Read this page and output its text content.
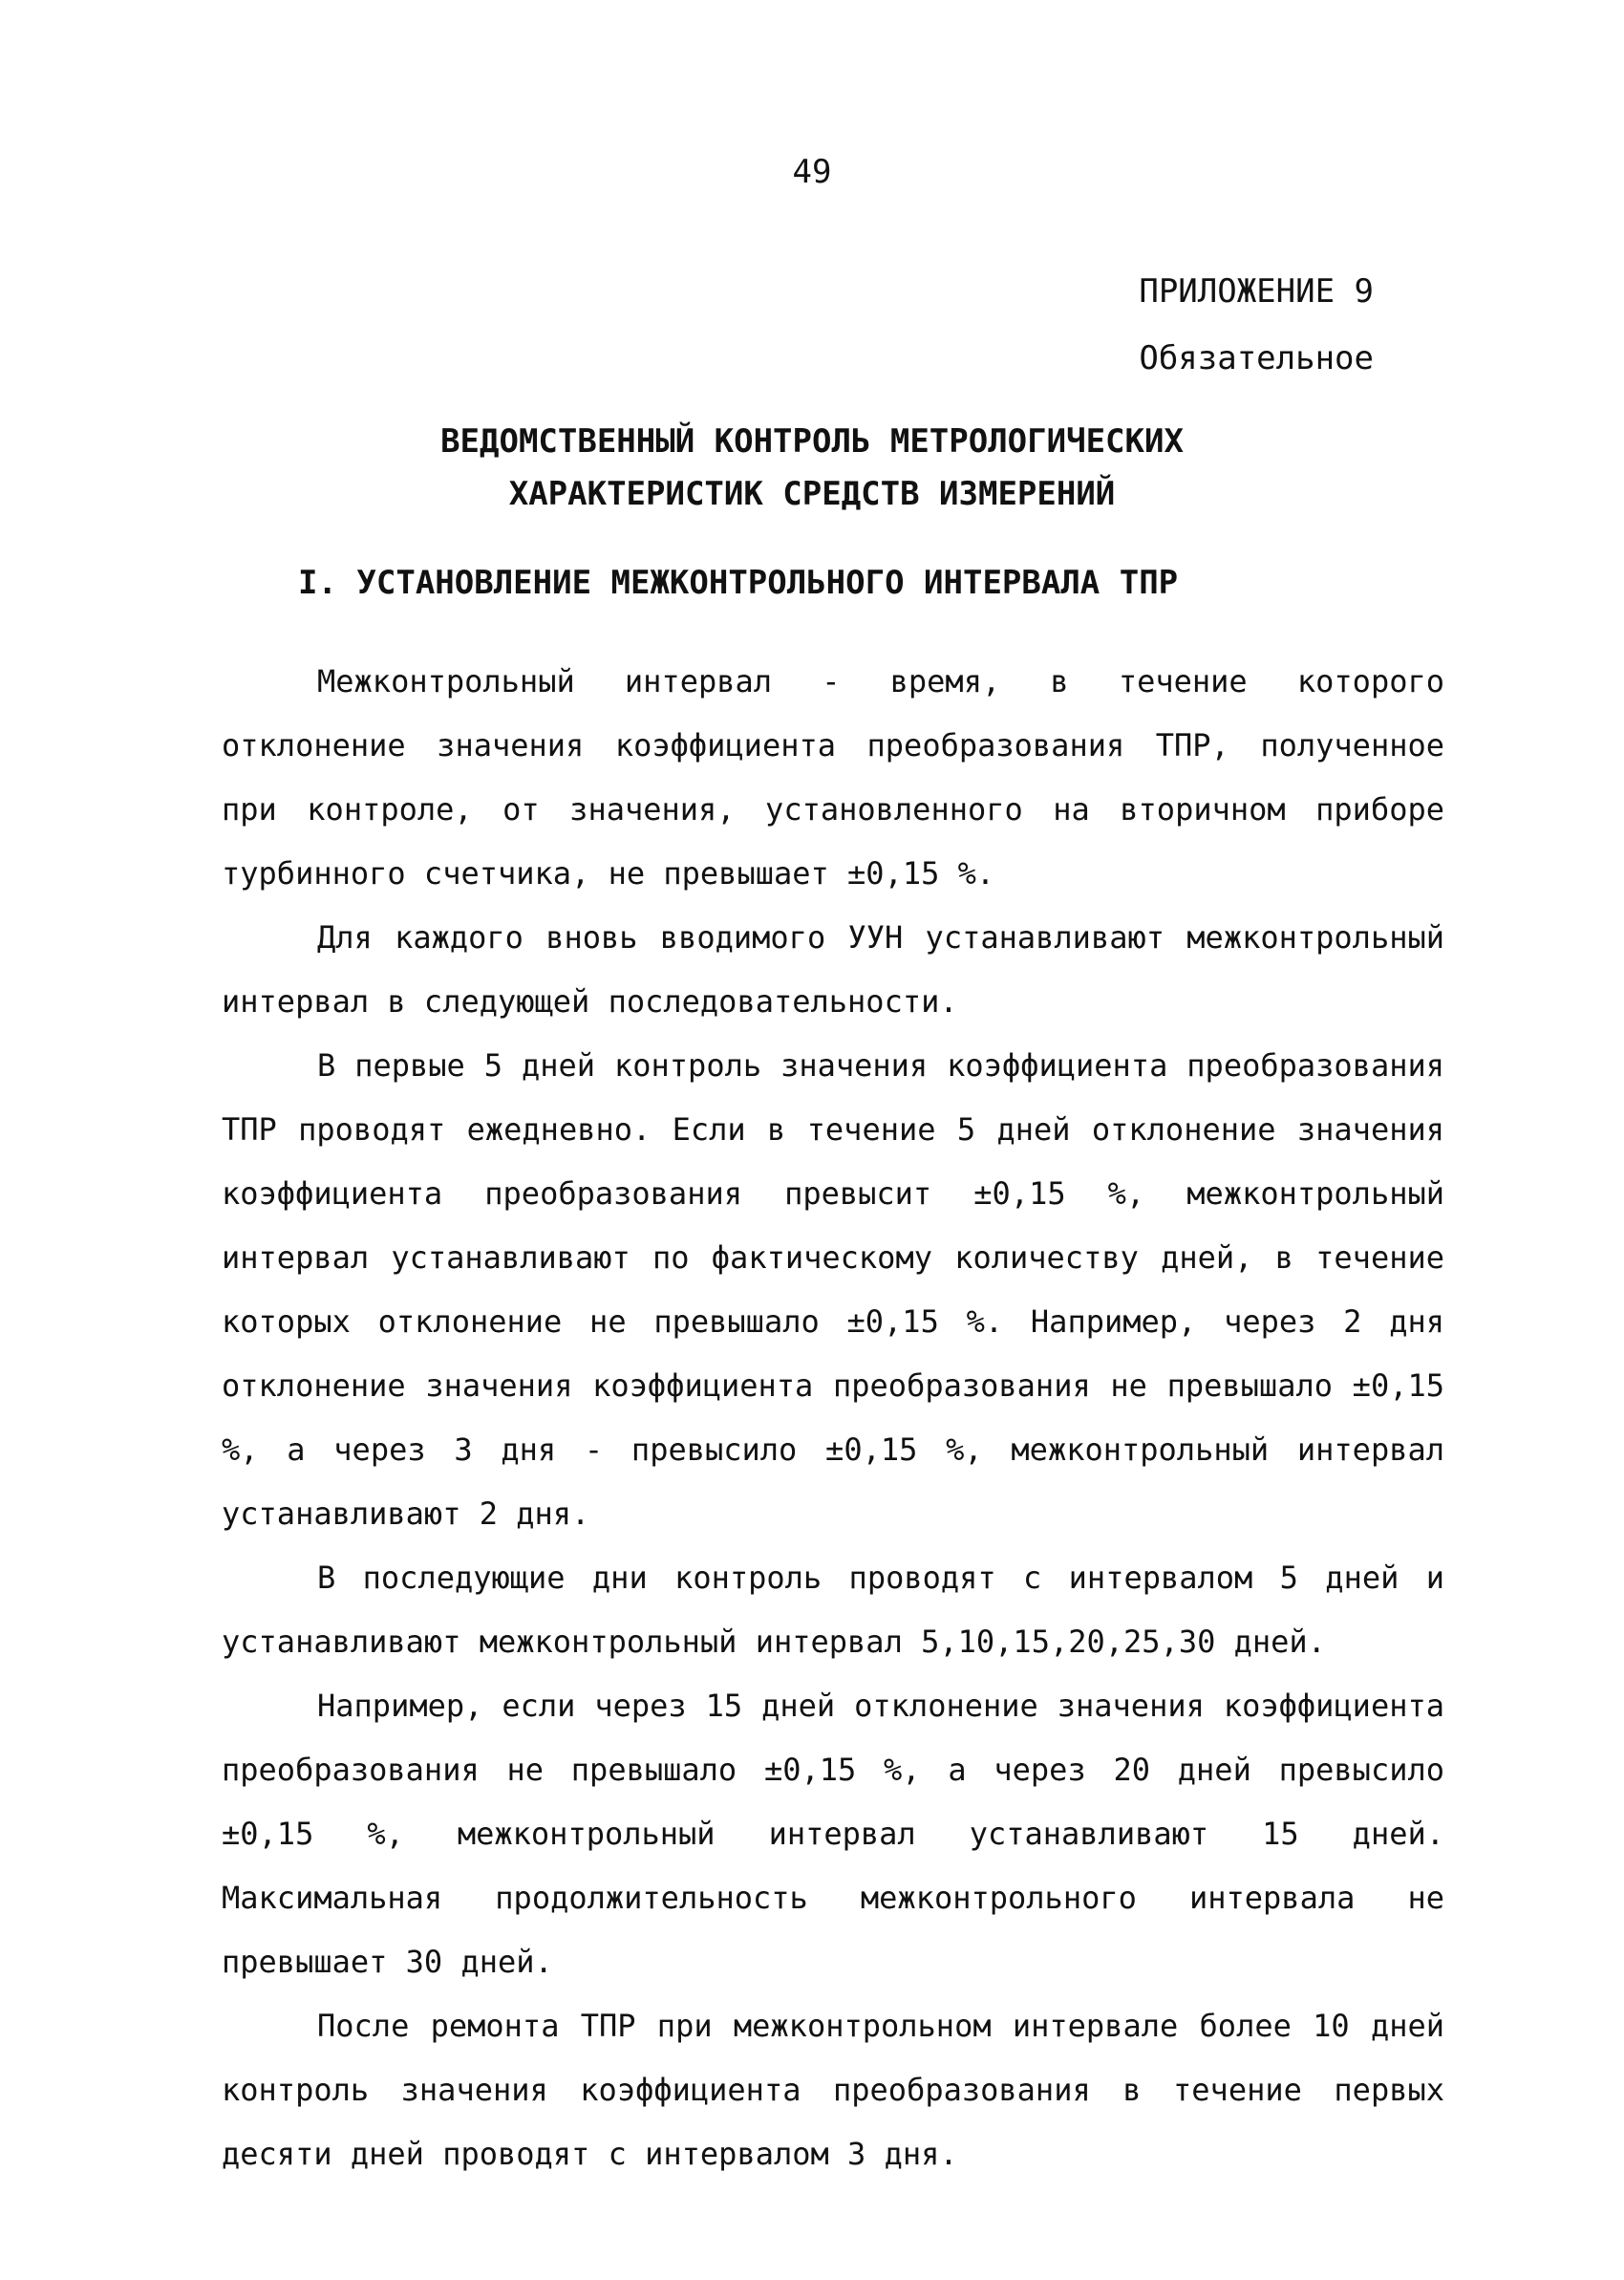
49
ПРИЛОЖЕНИЕ 9
Обязательное
ВЕДОМСТВЕННЫЙ КОНТРОЛЬ МЕТРОЛОГИЧЕСКИХ
ХАРАКТЕРИСТИК СРЕДСТВ ИЗМЕРЕНИЙ
I. УСТАНОВЛЕНИЕ МЕЖКОНТРОЛЬНОГО ИНТЕРВАЛА ТПР

Межконтрольный интервал - время, в течение которого отклонение значения коэффициента преобразования ТПР, полученное при контроле, от значения, установленного на вторичном приборе турбинного счетчика, не превышает ±0,15 %.

Для каждого вновь вводимого УУН устанавливают межконтрольный интервал в следующей последовательности.

В первые 5 дней контроль значения коэффициента преобразования ТПР проводят ежедневно. Если в течение 5 дней отклонение значения коэффициента преобразования превысит ±0,15 %, межконтрольный интервал устанавливают по фактическому количеству дней, в течение которых отклонение не превышало ±0,15 %. Например, через 2 дня отклонение значения коэффициента преобразования не превышало ±0,15 %, а через 3 дня - превысило ±0,15 %, межконтрольный интервал устанавливают 2 дня.

В последующие дни контроль проводят с интервалом 5 дней и устанавливают межконтрольный интервал 5,10,15,20,25,30 дней.

Например, если через 15 дней отклонение значения коэффициента преобразования не превышало ±0,15 %, а через 20 дней превысило ±0,15 %, межконтрольный интервал устанавливают 15 дней. Максимальная продолжительность межконтрольного интервала не превышает 30 дней.

После ремонта ТПР при межконтрольном интервале более 10 дней контроль значения коэффициента преобразования в течение первых десяти дней проводят с интервалом 3 дня.
